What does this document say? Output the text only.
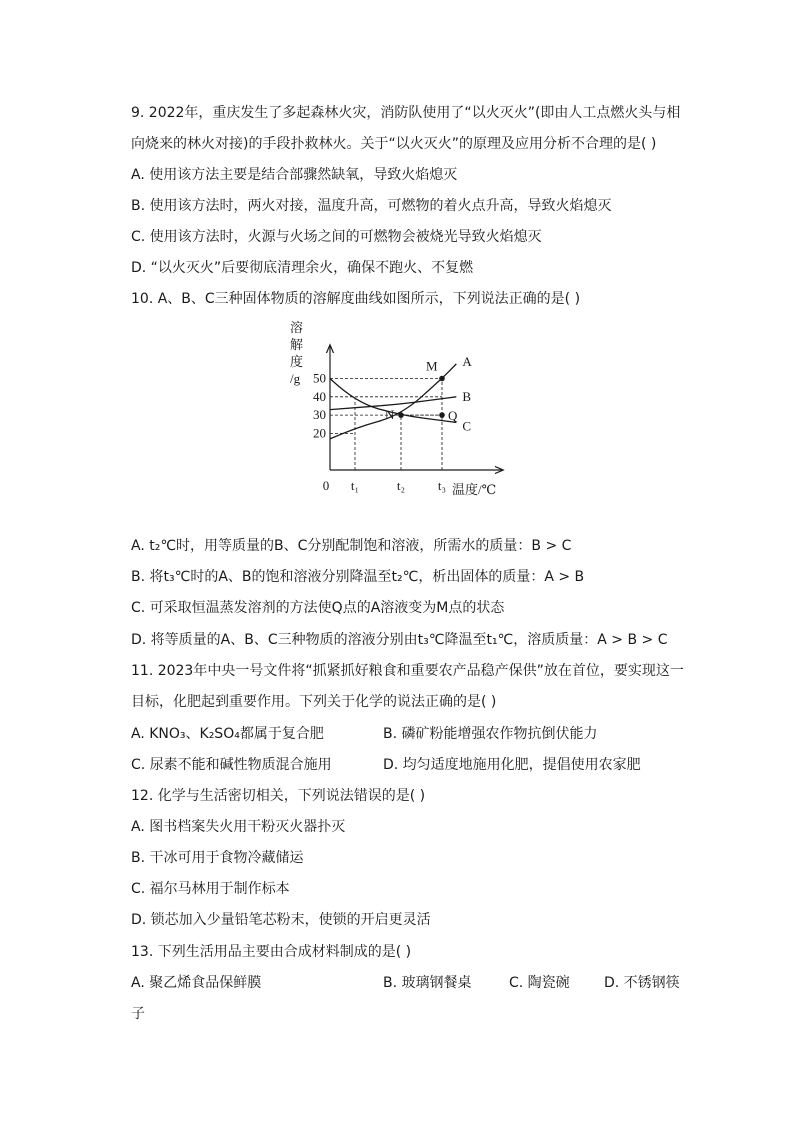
9. 2022年，重庆发生了多起森林火灾，消防队使用了“以火灭火”(即由人工点燃火头与相
向烧来的林火对接)的手段扑救林火。关于“以火灭火”的原理及应用分析不合理的是( )
A. 使用该方法主要是结合部骤然缺氧，导致火焰熄灭
B. 使用该方法时，两火对接，温度升高，可燃物的着火点升高，导致火焰熄灭
C. 使用该方法时，火源与火场之间的可燃物会被烧光导致火焰熄灭
D. “以火灭火”后要彻底清理余火，确保不跑火、不复燃
10. A、B、C三种固体物质的溶解度曲线如图所示，下列说法正确的是( )
溶
解
度
/g
0	温度/℃
t₁	t₂	t₃
50
40
30
20
A
B
C
M
N	Q
A. t₂℃时，用等质量的B、C分别配制饱和溶液，所需水的质量：B > C
B. 将t₃℃时的A、B的饱和溶液分别降温至t₂℃，析出固体的质量：A > B
C. 可采取恒温蒸发溶剂的方法使Q点的A溶液变为M点的状态
D. 将等质量的A、B、C三种物质的溶液分别由t₃℃降温至t₁℃，溶质质量：A > B > C
11. 2023年中央一号文件将“抓紧抓好粮食和重要农产品稳产保供”放在首位，要实现这一
目标，化肥起到重要作用。下列关于化学的说法正确的是( )
A. KNO₃、K₂SO₄都属于复合肥	B. 磷矿粉能增强农作物抗倒伏能力
C. 尿素不能和碱性物质混合施用	D. 均匀适度地施用化肥，提倡使用农家肥
12. 化学与生活密切相关，下列说法错误的是( )
A. 图书档案失火用干粉灭火器扑灭
B. 干冰可用于食物冷藏储运
C. 福尔马林用于制作标本
D. 锁芯加入少量铅笔芯粉末，使锁的开启更灵活
13. 下列生活用品主要由合成材料制成的是( )
A. 聚乙烯食品保鲜膜	B. 玻璃钢餐桌	C. 陶瓷碗 D. 不锈钢筷
子
